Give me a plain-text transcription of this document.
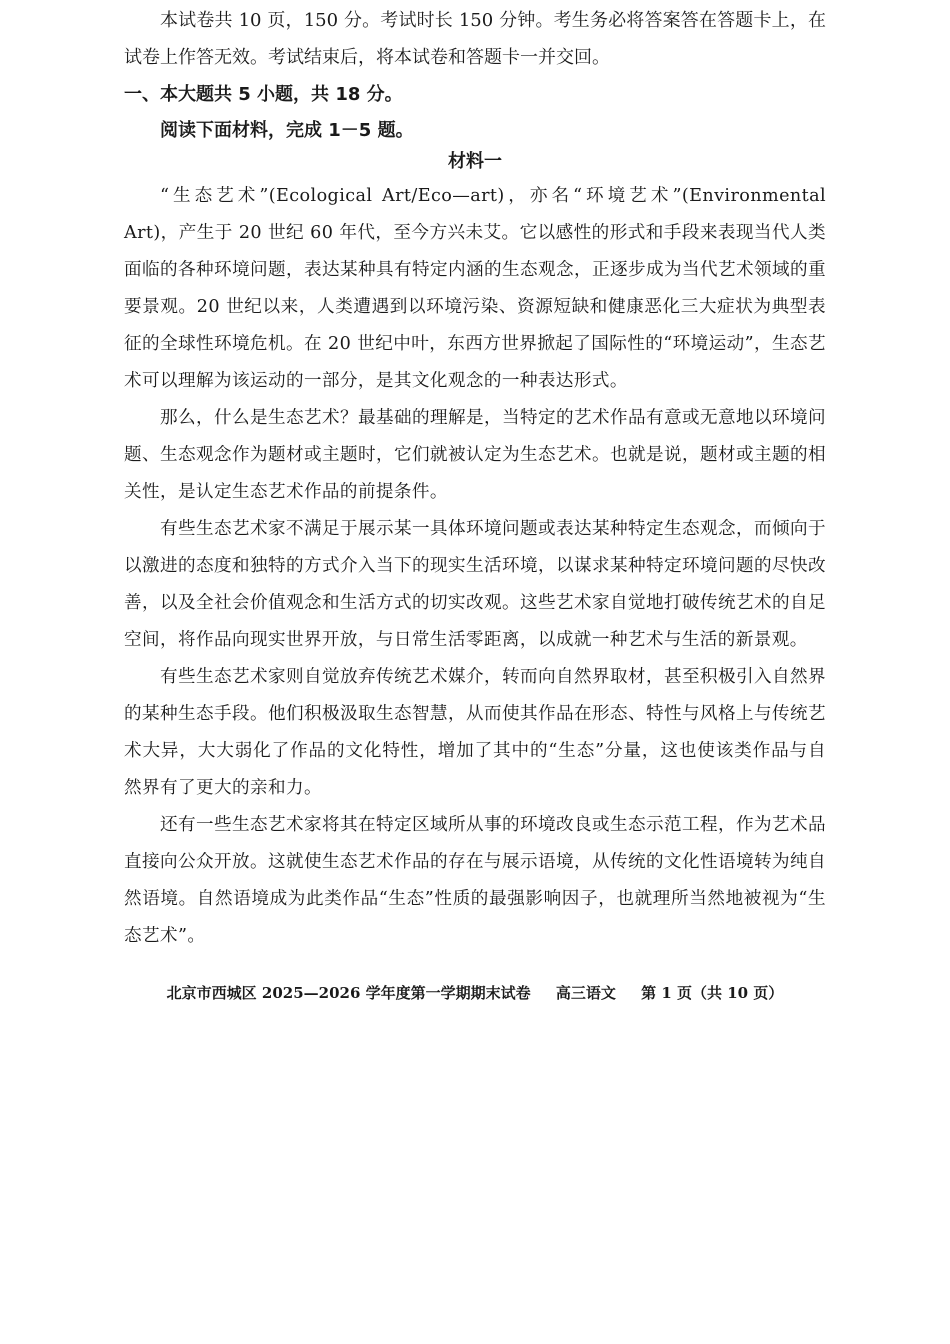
本试卷共 10 页，150 分。考试时长 150 分钟。考生务必将答案答在答题卡上，在试卷上作答无效。考试结束后，将本试卷和答题卡一并交回。
一、本大题共 5 小题，共 18 分。
阅读下面材料，完成 1－5 题。
材料一

“生态艺术”(Ecological Art/Eco—art)，亦名“环境艺术”(Environmental Art)，产生于 20 世纪 60 年代，至今方兴未艾。它以感性的形式和手段来表现当代人类面临的各种环境问题，表达某种具有特定内涵的生态观念，正逐步成为当代艺术领域的重要景观。20 世纪以来，人类遭遇到以环境污染、资源短缺和健康恶化三大症状为典型表征的全球性环境危机。在 20 世纪中叶，东西方世界掀起了国际性的“环境运动”，生态艺术可以理解为该运动的一部分，是其文化观念的一种表达形式。

那么，什么是生态艺术？最基础的理解是，当特定的艺术作品有意或无意地以环境问题、生态观念作为题材或主题时，它们就被认定为生态艺术。也就是说，题材或主题的相关性，是认定生态艺术作品的前提条件。

有些生态艺术家不满足于展示某一具体环境问题或表达某种特定生态观念，而倾向于以激进的态度和独特的方式介入当下的现实生活环境，以谋求某种特定环境问题的尽快改善，以及全社会价值观念和生活方式的切实改观。这些艺术家自觉地打破传统艺术的自足空间，将作品向现实世界开放，与日常生活零距离，以成就一种艺术与生活的新景观。

有些生态艺术家则自觉放弃传统艺术媒介，转而向自然界取材，甚至积极引入自然界的某种生态手段。他们积极汲取生态智慧，从而使其作品在形态、特性与风格上与传统艺术大异，大大弱化了作品的文化特性，增加了其中的“生态”分量，这也使该类作品与自然界有了更大的亲和力。

还有一些生态艺术家将其在特定区域所从事的环境改良或生态示范工程，作为艺术品直接向公众开放。这就使生态艺术作品的存在与展示语境，从传统的文化性语境转为纯自然语境。自然语境成为此类作品“生态”性质的最强影响因子，也就理所当然地被视为“生态艺术”。

北京市西城区 2025—2026 学年度第一学期期末试卷 高三语文 第 1 页（共 10 页）
